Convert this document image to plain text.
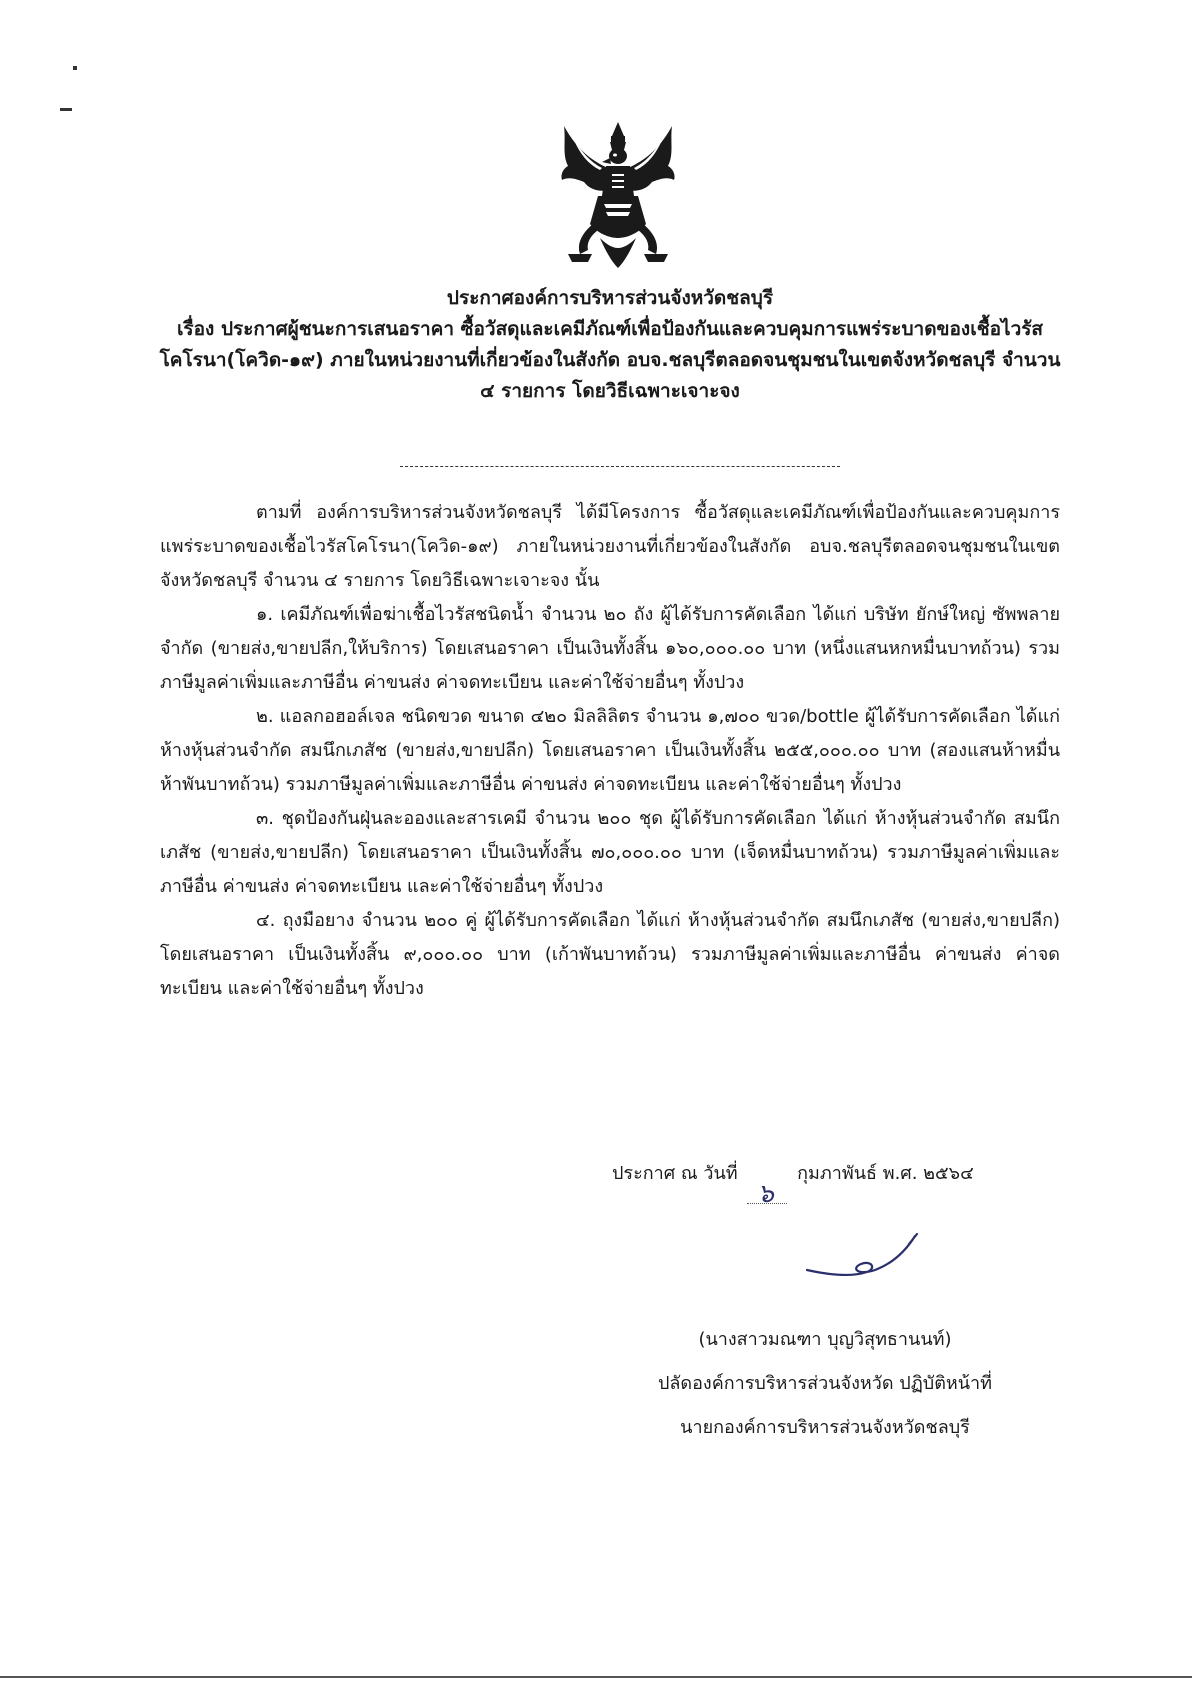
ประกาศองค์การบริหารส่วนจังหวัดชลบุรี
เรื่อง ประกาศผู้ชนะการเสนอราคา ซื้อวัสดุและเคมีภัณฑ์เพื่อป้องกันและควบคุมการแพร่ระบาดของเชื้อไวรัส
โคโรนา(โควิด-๑๙) ภายในหน่วยงานที่เกี่ยวข้องในสังกัด อบจ.ชลบุรีตลอดจนชุมชนในเขตจังหวัดชลบุรี จำนวน
๔ รายการ โดยวิธีเฉพาะเจาะจง

ตามที่ องค์การบริหารส่วนจังหวัดชลบุรี ได้มีโครงการ ซื้อวัสดุและเคมีภัณฑ์เพื่อป้องกันและควบคุมการแพร่ระบาดของเชื้อไวรัสโคโรนา(โควิด-๑๙) ภายในหน่วยงานที่เกี่ยวข้องในสังกัด อบจ.ชลบุรีตลอดจนชุมชนในเขตจังหวัดชลบุรี จำนวน ๔ รายการ โดยวิธีเฉพาะเจาะจง นั้น

๑. เคมีภัณฑ์เพื่อฆ่าเชื้อไวรัสชนิดน้ำ จำนวน ๒๐ ถัง ผู้ได้รับการคัดเลือก ได้แก่ บริษัท ยักษ์ใหญ่ ซัพพลาย จำกัด (ขายส่ง,ขายปลีก,ให้บริการ) โดยเสนอราคา เป็นเงินทั้งสิ้น ๑๖๐,๐๐๐.๐๐ บาท (หนึ่งแสนหกหมื่นบาทถ้วน) รวมภาษีมูลค่าเพิ่มและภาษีอื่น ค่าขนส่ง ค่าจดทะเบียน และค่าใช้จ่ายอื่นๆ ทั้งปวง

๒. แอลกอฮอล์เจล ชนิดขวด ขนาด ๔๒๐ มิลลิลิตร จำนวน ๑,๗๐๐ ขวด/bottle ผู้ได้รับการคัดเลือก ได้แก่ ห้างหุ้นส่วนจำกัด สมนึกเภสัช (ขายส่ง,ขายปลีก) โดยเสนอราคา เป็นเงินทั้งสิ้น ๒๕๕,๐๐๐.๐๐ บาท (สองแสนห้าหมื่นห้าพันบาทถ้วน) รวมภาษีมูลค่าเพิ่มและภาษีอื่น ค่าขนส่ง ค่าจดทะเบียน และค่าใช้จ่ายอื่นๆ ทั้งปวง

๓. ชุดป้องกันฝุ่นละอองและสารเคมี จำนวน ๒๐๐ ชุด ผู้ได้รับการคัดเลือก ได้แก่ ห้างหุ้นส่วนจำกัด สมนึกเภสัช (ขายส่ง,ขายปลีก) โดยเสนอราคา เป็นเงินทั้งสิ้น ๗๐,๐๐๐.๐๐ บาท (เจ็ดหมื่นบาทถ้วน) รวมภาษีมูลค่าเพิ่มและภาษีอื่น ค่าขนส่ง ค่าจดทะเบียน และค่าใช้จ่ายอื่นๆ ทั้งปวง

๔. ถุงมือยาง จำนวน ๒๐๐ คู่ ผู้ได้รับการคัดเลือก ได้แก่ ห้างหุ้นส่วนจำกัด สมนึกเภสัช (ขายส่ง,ขายปลีก) โดยเสนอราคา เป็นเงินทั้งสิ้น ๙,๐๐๐.๐๐ บาท (เก้าพันบาทถ้วน) รวมภาษีมูลค่าเพิ่มและภาษีอื่น ค่าขนส่ง ค่าจดทะเบียน และค่าใช้จ่ายอื่นๆ ทั้งปวง

ประกาศ ณ วันที่
๖
กุมภาพันธ์ พ.ศ. ๒๕๖๔
(นางสาวมณฑา บุญวิสุทธานนท์)
ปลัดองค์การบริหารส่วนจังหวัด ปฏิบัติหน้าที่
นายกองค์การบริหารส่วนจังหวัดชลบุรี
